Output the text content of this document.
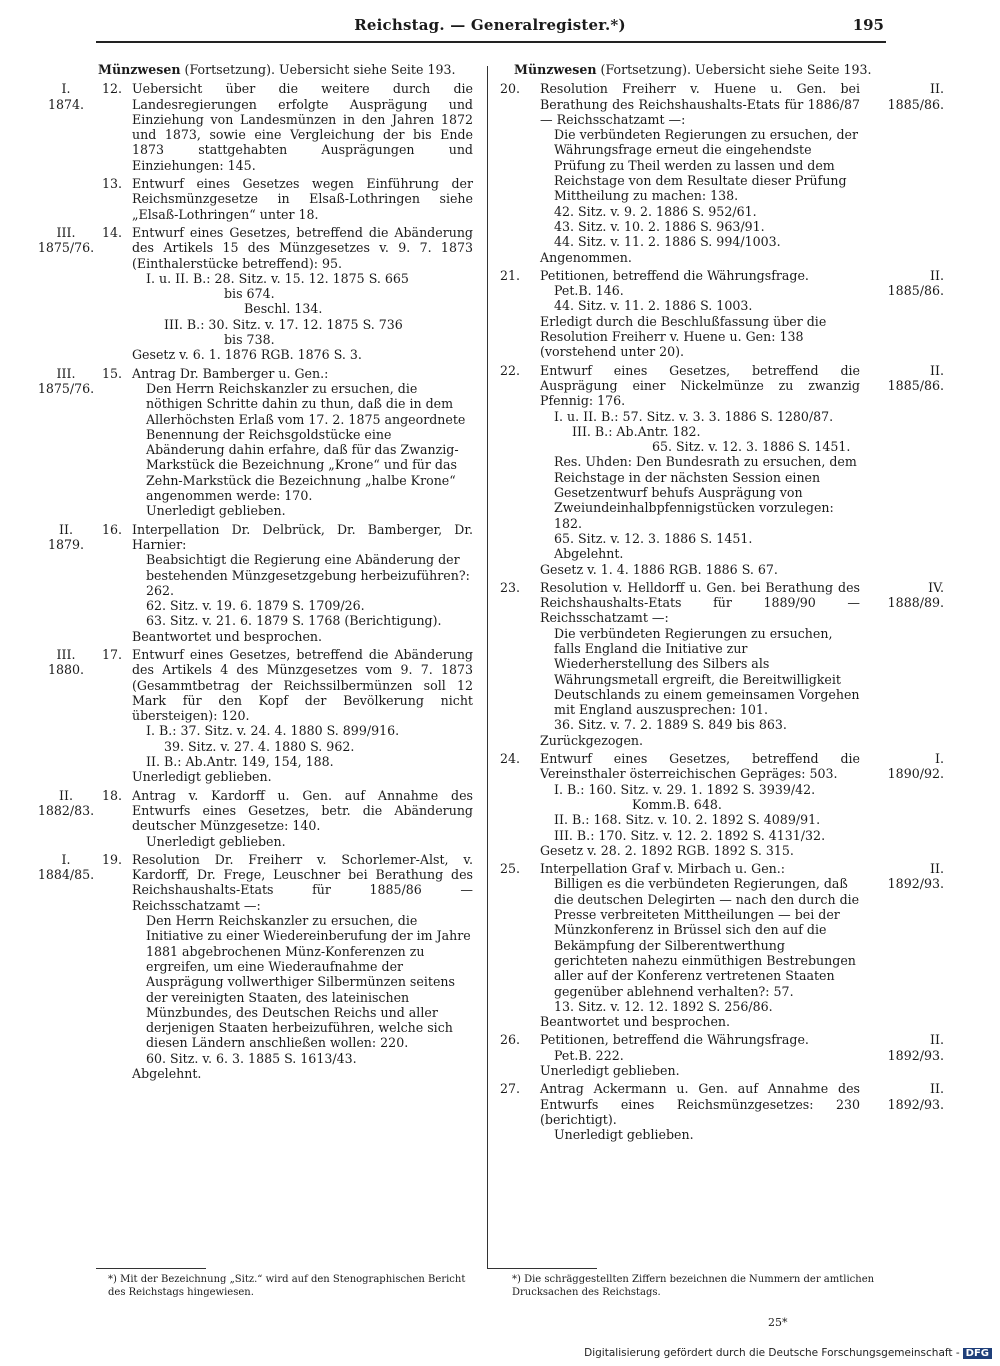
Reichstag. — Generalregister.*)	195
Münzwesen (Fortsetzung). Uebersicht siehe Seite 193.
I.
1874.
12. Uebersicht über die weitere durch die Landesregierungen erfolgte Ausprägung und Einziehung von Landesmünzen in den Jahren 1872 und 1873, sowie eine Vergleichung der bis Ende 1873 stattgehabten Ausprägungen und Einziehungen: 145.
13. Entwurf eines Gesetzes wegen Einführung der Reichsmünzgesetze in Elsaß-Lothringen siehe „Elsaß-Lothringen“ unter 18.
III.
1875/76.
14. Entwurf eines Gesetzes, betreffend die Abänderung des Artikels 15 des Münzgesetzes v. 9. 7. 1873 (Einthalerstücke betreffend): 95.
I. u. II. B.: 28. Sitz. v. 15. 12. 1875 S. 665
bis 674.
Beschl. 134.
III. B.: 30. Sitz. v. 17. 12. 1875 S. 736
bis 738.
Gesetz v. 6. 1. 1876 RGB. 1876 S. 3.
III.
1875/76.
15. Antrag Dr. Bamberger u. Gen.:
Den Herrn Reichskanzler zu ersuchen, die nöthigen Schritte dahin zu thun, daß die in dem Allerhöchsten Erlaß vom 17. 2. 1875 angeordnete Benennung der Reichsgoldstücke eine Abänderung dahin erfahre, daß für das Zwanzig-Markstück die Bezeichnung „Krone“ und für das Zehn-Markstück die Bezeichnung „halbe Krone“ angenommen werde: 170.
Unerledigt geblieben.
II.
1879.
16. Interpellation Dr. Delbrück, Dr. Bamberger, Dr. Harnier:
Beabsichtigt die Regierung eine Abänderung der bestehenden Münzgesetzgebung herbeizuführen?: 262.
62. Sitz. v. 19. 6. 1879 S. 1709/26.
63. Sitz. v. 21. 6. 1879 S. 1768 (Berichtigung).
Beantwortet und besprochen.
III.
1880.
17. Entwurf eines Gesetzes, betreffend die Abänderung des Artikels 4 des Münzgesetzes vom 9. 7. 1873 (Gesammtbetrag der Reichssilbermünzen soll 12 Mark für den Kopf der Bevölkerung nicht übersteigen): 120.
I. B.: 37. Sitz. v. 24. 4. 1880 S. 899/916.
39. Sitz. v. 27. 4. 1880 S. 962.
II. B.: Ab.Antr. 149, 154, 188.
Unerledigt geblieben.
II.
1882/83.
18. Antrag v. Kardorff u. Gen. auf Annahme des Entwurfs eines Gesetzes, betr. die Abänderung deutscher Münzgesetze: 140.
Unerledigt geblieben.
I.
1884/85.
19. Resolution Dr. Freiherr v. Schorlemer-Alst, v. Kardorff, Dr. Frege, Leuschner bei Berathung des Reichshaushalts-Etats für 1885/86 — Reichsschatzamt —:
Den Herrn Reichskanzler zu ersuchen, die Initiative zu einer Wiedereinberufung der im Jahre 1881 abgebrochenen Münz-Konferenzen zu ergreifen, um eine Wiederaufnahme der Ausprägung vollwerthiger Silbermünzen seitens der vereinigten Staaten, des lateinischen Münzbundes, des Deutschen Reichs und aller derjenigen Staaten herbeizuführen, welche sich diesen Ländern anschließen wollen: 220.
60. Sitz. v. 6. 3. 1885 S. 1613/43.
Abgelehnt.
Münzwesen (Fortsetzung). Uebersicht siehe Seite 193.
II.
1885/86.
20. Resolution Freiherr v. Huene u. Gen. bei Berathung des Reichshaushalts-Etats für 1886/87 — Reichsschatzamt —:
Die verbündeten Regierungen zu ersuchen, der Währungsfrage erneut die eingehendste Prüfung zu Theil werden zu lassen und dem Reichstage von dem Resultate dieser Prüfung Mittheilung zu machen: 138.
42. Sitz. v. 9. 2. 1886 S. 952/61.
43. Sitz. v. 10. 2. 1886 S. 963/91.
44. Sitz. v. 11. 2. 1886 S. 994/1003.
Angenommen.
II.
1885/86.
21. Petitionen, betreffend die Währungsfrage.
Pet.B. 146.
44. Sitz. v. 11. 2. 1886 S. 1003.
Erledigt durch die Beschlußfassung über die Resolution Freiherr v. Huene u. Gen: 138 (vorstehend unter 20).
II.
1885/86.
22. Entwurf eines Gesetzes, betreffend die Ausprägung einer Nickelmünze zu zwanzig Pfennig: 176.
I. u. II. B.: 57. Sitz. v. 3. 3. 1886 S. 1280/87.
III. B.: Ab.Antr. 182.
65. Sitz. v. 12. 3. 1886 S. 1451.
Res. Uhden: Den Bundesrath zu ersuchen, dem Reichstage in der nächsten Session einen Gesetzentwurf behufs Ausprägung von Zweiundeinhalbpfennigstücken vorzulegen: 182.
65. Sitz. v. 12. 3. 1886 S. 1451.
Abgelehnt.
Gesetz v. 1. 4. 1886 RGB. 1886 S. 67.
IV.
1888/89.
23. Resolution v. Helldorff u. Gen. bei Berathung des Reichshaushalts-Etats für 1889/90 — Reichsschatzamt —:
Die verbündeten Regierungen zu ersuchen, falls England die Initiative zur Wiederherstellung des Silbers als Währungsmetall ergreift, die Bereitwilligkeit Deutschlands zu einem gemeinsamen Vorgehen mit England auszusprechen: 101.
36. Sitz. v. 7. 2. 1889 S. 849 bis 863.
Zurückgezogen.
I.
1890/92.
24. Entwurf eines Gesetzes, betreffend die Vereinsthaler österreichischen Gepräges: 503.
I. B.: 160. Sitz. v. 29. 1. 1892 S. 3939/42.
Komm.B. 648.
II. B.: 168. Sitz. v. 10. 2. 1892 S. 4089/91.
III. B.: 170. Sitz. v. 12. 2. 1892 S. 4131/32.
Gesetz v. 28. 2. 1892 RGB. 1892 S. 315.
II.
1892/93.
25. Interpellation Graf v. Mirbach u. Gen.:
Billigen es die verbündeten Regierungen, daß die deutschen Delegirten — nach den durch die Presse verbreiteten Mittheilungen — bei der Münzkonferenz in Brüssel sich den auf die Bekämpfung der Silberentwerthung gerichteten nahezu einmüthigen Bestrebungen aller auf der Konferenz vertretenen Staaten gegenüber ablehnend verhalten?: 57.
13. Sitz. v. 12. 12. 1892 S. 256/86.
Beantwortet und besprochen.
II.
1892/93.
26. Petitionen, betreffend die Währungsfrage.
Pet.B. 222.
Unerledigt geblieben.
II.
1892/93.
27. Antrag Ackermann u. Gen. auf Annahme des Entwurfs eines Reichsmünzgesetzes: 230 (berichtigt).
Unerledigt geblieben.
*) Mit der Bezeichnung „Sitz.“ wird auf den Stenographischen Bericht des Reichstags hingewiesen.
*) Die schräggestellten Ziffern bezeichnen die Nummern der amtlichen Drucksachen des Reichstags.
25*
Digitalisierung gefördert durch die Deutsche Forschungsgemeinschaft - DFG
